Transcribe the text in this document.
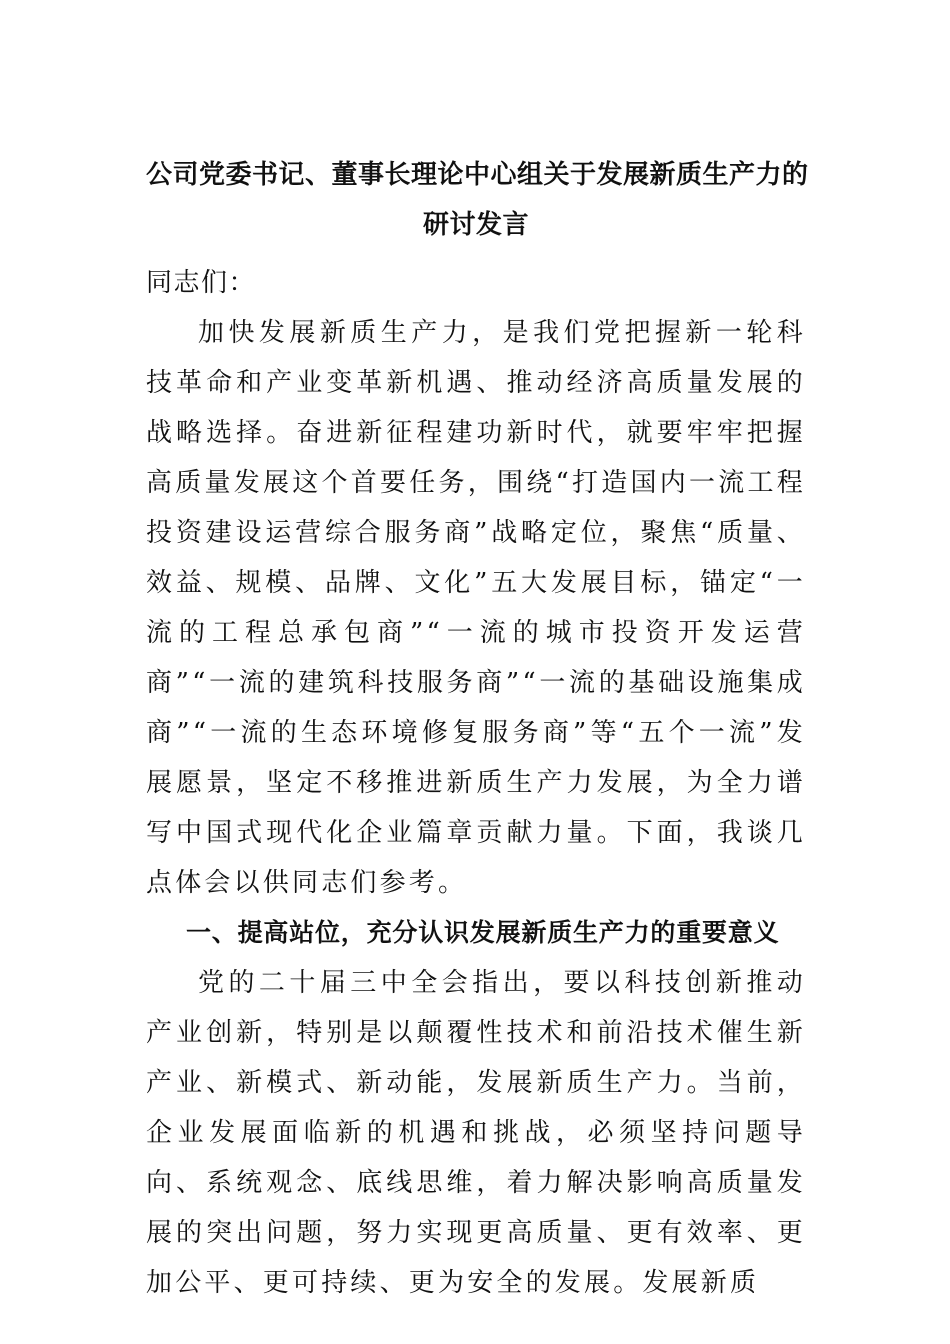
公司党委书记、董事长理论中心组关于发展新质生产力的
研讨发言

同志们：

加快发展新质生产力，是我们党把握新一轮科技革命和产业变革新机遇、推动经济高质量发展的战略选择。奋进新征程建功新时代，就要牢牢把握高质量发展这个首要任务，围绕“打造国内一流工程投资建设运营综合服务商”战略定位，聚焦“质量、效益、规模、品牌、文化”五大发展目标，锚定“一流的工程总承包商”“一流的城市投资开发运营商”“一流的建筑科技服务商”“一流的基础设施集成商”“一流的生态环境修复服务商”等“五个一流”发展愿景，坚定不移推进新质生产力发展，为全力谱写中国式现代化企业篇章贡献力量。下面，我谈几点体会以供同志们参考。

一、提高站位，充分认识发展新质生产力的重要意义

党的二十届三中全会指出，要以科技创新推动产业创新，特别是以颠覆性技术和前沿技术催生新产业、新模式、新动能，发展新质生产力。当前，企业发展面临新的机遇和挑战，必须坚持问题导向、系统观念、底线思维，着力解决影响高质量发展的突出问题，努力实现更高质量、更有效率、更加公平、更可持续、更为安全的发展。发展新质
